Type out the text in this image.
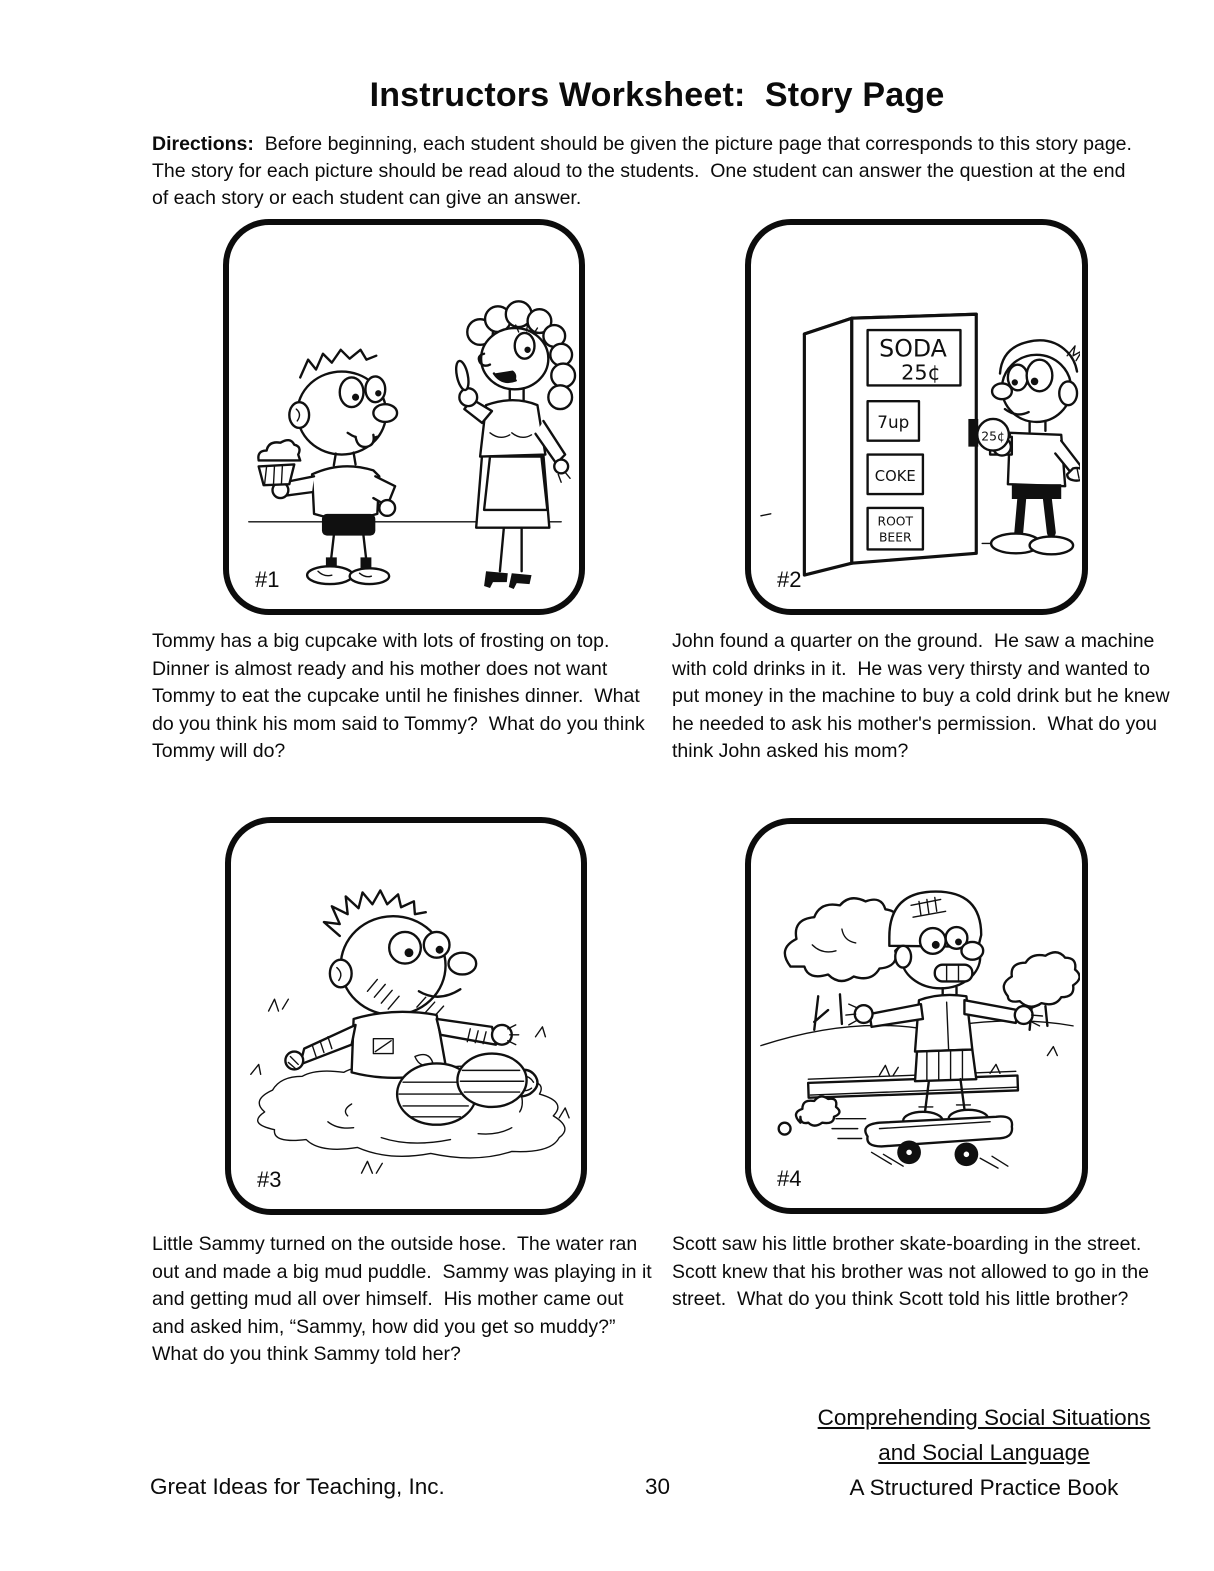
Instructors Worksheet:  Story Page

Directions:  Before beginning, each student should be given the picture page that corresponds to this story page.  The story for each picture should be read aloud to the students.  One student can answer the question at the end of each story or each student can give an answer.

#1
SODA
25¢
7up
COKE
ROOT
BEER
25¢
#2
#3	#4

Tommy has a big cupcake with lots of frosting on top.  Dinner is almost ready and his mother does not want Tommy to eat the cupcake until he finishes dinner.  What do you think his mom said to Tommy?  What do you think Tommy will do?

John found a quarter on the ground.  He saw a machine with cold drinks in it.  He was very thirsty and wanted to put money in the machine to buy a cold drink but he knew he needed to ask his mother's permission.  What do you think John asked his mom?

Little Sammy turned on the outside hose.  The water ran out and made a big mud puddle.  Sammy was playing in it and getting mud all over himself.  His mother came out and asked him, “Sammy, how did you get so muddy?”  What do you think Sammy told her?

Scott saw his little brother skate-boarding in the street.  Scott knew that his brother was not allowed to go in the street.  What do you think Scott told his little brother?

Great Ideas for Teaching, Inc.	30
Comprehending Social Situations
and Social Language
A Structured Practice Book
